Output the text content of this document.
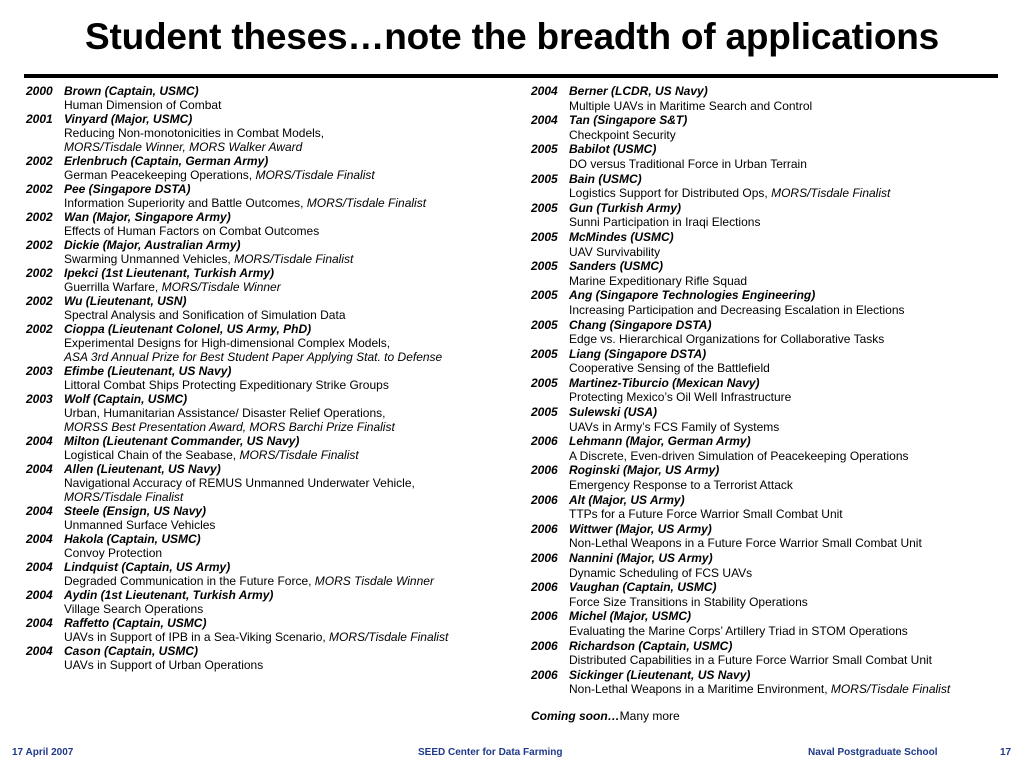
Student theses…note the breadth of applications
2000 Brown (Captain, USMC)
Human Dimension of Combat
2001 Vinyard (Major, USMC)
Reducing Non-monotonicities in Combat Models,
MORS/Tisdale Winner, MORS Walker Award
2002 Erlenbruch (Captain, German Army)
German Peacekeeping Operations, MORS/Tisdale Finalist
2002 Pee (Singapore DSTA)
Information Superiority and Battle Outcomes, MORS/Tisdale Finalist
2002 Wan (Major, Singapore Army)
Effects of Human Factors on Combat Outcomes
2002 Dickie (Major, Australian Army)
Swarming Unmanned Vehicles, MORS/Tisdale Finalist
2002 Ipekci (1st Lieutenant, Turkish Army)
Guerrilla Warfare, MORS/Tisdale Winner
2002 Wu (Lieutenant, USN)
Spectral Analysis and Sonification of Simulation Data
2002 Cioppa (Lieutenant Colonel, US Army, PhD)
Experimental Designs for High-dimensional Complex Models,
ASA 3rd Annual Prize for Best Student Paper Applying Stat. to Defense
2003 Efimbe (Lieutenant, US Navy)
Littoral Combat Ships Protecting Expeditionary Strike Groups
2003 Wolf (Captain, USMC)
Urban, Humanitarian Assistance/ Disaster Relief Operations,
MORSS Best Presentation Award, MORS Barchi Prize Finalist
2004 Milton (Lieutenant Commander, US Navy)
Logistical Chain of the Seabase, MORS/Tisdale Finalist
2004 Allen (Lieutenant, US Navy)
Navigational Accuracy of REMUS Unmanned Underwater Vehicle,
MORS/Tisdale Finalist
2004 Steele (Ensign, US Navy)
Unmanned Surface Vehicles
2004 Hakola (Captain, USMC)
Convoy Protection
2004 Lindquist (Captain, US Army)
Degraded Communication in the Future Force, MORS Tisdale Winner
2004 Aydin (1st Lieutenant, Turkish Army)
Village Search Operations
2004 Raffetto (Captain, USMC)
UAVs in Support of IPB in a Sea-Viking Scenario, MORS/Tisdale Finalist
2004 Cason (Captain, USMC)
UAVs in Support of Urban Operations
2004 Berner (LCDR, US Navy)
Multiple UAVs in Maritime Search and Control
2004 Tan (Singapore S&T)
Checkpoint Security
2005 Babilot (USMC)
DO versus Traditional Force in Urban Terrain
2005 Bain (USMC)
Logistics Support for Distributed Ops, MORS/Tisdale Finalist
2005 Gun (Turkish Army)
Sunni Participation in Iraqi Elections
2005 McMindes (USMC)
UAV Survivability
2005 Sanders (USMC)
Marine Expeditionary Rifle Squad
2005 Ang (Singapore Technologies Engineering)
Increasing Participation and Decreasing Escalation in Elections
2005 Chang (Singapore DSTA)
Edge vs. Hierarchical Organizations for Collaborative Tasks
2005 Liang (Singapore DSTA)
Cooperative Sensing of the Battlefield
2005 Martinez-Tiburcio (Mexican Navy)
Protecting Mexico’s Oil Well Infrastructure
2005 Sulewski (USA)
UAVs in Army’s FCS Family of Systems
2006 Lehmann (Major, German Army)
A Discrete, Even-driven Simulation of Peacekeeping Operations
2006 Roginski (Major, US Army)
Emergency Response to a Terrorist Attack
2006 Alt (Major, US Army)
TTPs for a Future Force Warrior Small Combat Unit
2006 Wittwer (Major, US Army)
Non-Lethal Weapons in a Future Force Warrior Small Combat Unit
2006 Nannini (Major, US Army)
Dynamic Scheduling of FCS UAVs
2006 Vaughan (Captain, USMC)
Force Size Transitions in Stability Operations
2006 Michel (Major, USMC)
Evaluating the Marine Corps’ Artillery Triad in STOM Operations
2006 Richardson (Captain, USMC)
Distributed Capabilities in a Future Force Warrior Small Combat Unit
2006 Sickinger (Lieutenant, US Navy)
Non-Lethal Weapons in a Maritime Environment, MORS/Tisdale Finalist
Coming soon…Many more
17 April 2007	SEED Center for Data Farming	Naval Postgraduate School	17
